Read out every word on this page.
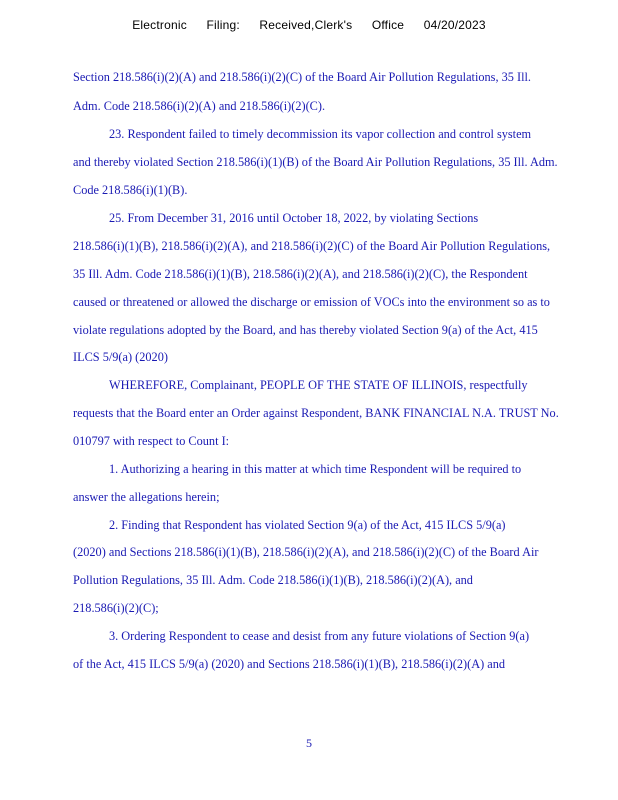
Electronic Filing: Received,Clerk's Office 04/20/2023
Section 218.586(i)(2)(A) and 218.586(i)(2)(C) of the Board Air Pollution Regulations, 35 Ill.
Adm. Code 218.586(i)(2)(A) and 218.586(i)(2)(C).
23. Respondent failed to timely decommission its vapor collection and control system
and thereby violated Section 218.586(i)(1)(B) of the Board Air Pollution Regulations, 35 Ill. Adm.
Code 218.586(i)(1)(B).
25. From December 31, 2016 until October 18, 2022, by violating Sections
218.586(i)(1)(B), 218.586(i)(2)(A), and 218.586(i)(2)(C) of the Board Air Pollution Regulations,
35 Ill. Adm. Code 218.586(i)(1)(B), 218.586(i)(2)(A), and 218.586(i)(2)(C), the Respondent
caused or threatened or allowed the discharge or emission of VOCs into the environment so as to
violate regulations adopted by the Board, and has thereby violated Section 9(a) of the Act, 415
ILCS 5/9(a) (2020)
WHEREFORE, Complainant, PEOPLE OF THE STATE OF ILLINOIS, respectfully
requests that the Board enter an Order against Respondent, BANK FINANCIAL N.A. TRUST No.
010797 with respect to Count I:
1. Authorizing a hearing in this matter at which time Respondent will be required to
answer the allegations herein;
2. Finding that Respondent has violated Section 9(a) of the Act, 415 ILCS 5/9(a)
(2020) and Sections 218.586(i)(1)(B), 218.586(i)(2)(A), and 218.586(i)(2)(C) of the Board Air
Pollution Regulations, 35 Ill. Adm. Code 218.586(i)(1)(B), 218.586(i)(2)(A), and
218.586(i)(2)(C);
3. Ordering Respondent to cease and desist from any future violations of Section 9(a)
of the Act, 415 ILCS 5/9(a) (2020) and Sections 218.586(i)(1)(B), 218.586(i)(2)(A) and
5
